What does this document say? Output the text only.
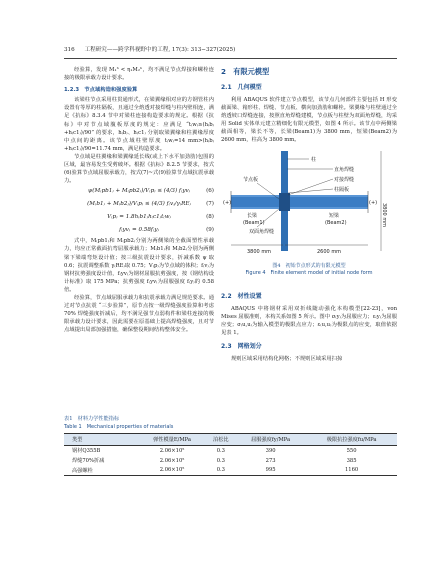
316 工程研究——跨学科视野中的工程, 17(3): 313−327(2025)

经验算，发现 M₁ʰ < η₁M₂ʰ，均不满足节点焊接和螺栓连接的极限承载力设计要求。

1.2.3　节点域构造和强度验算

该梁柱节点采用柱贯通形式，在梁翼缘相对应的方钢管柱内设置有等厚的柱隔板，且通过全熔透对接焊缝与柱内壁相连，满足《抗标》8.3.4 节中对梁柱连接构造要求的规定。根据《抗标》中对节点域腹板厚度的规定：应满足 “t₍w₎≥(h₍b₎+h₍c1₎)/90” 的要求，h₍b₎、h₍c1₎ 分别取梁翼缘和柱翼缘厚度中点间的距离。该节点域柱壁厚度 t₍w₎=14 mm>(h₍b₎+h₍c1₎)/90=11.74 mm，满足构造要求。

节点域是柱翼缘和梁翼缘延长线(或上下水平加劲肋)包围的区域，最容易发生受剪破坏。根据《抗标》8.2.5 节要求，按式(6)验算节点域屈服承载力，按式(7)~式(9)验算节点域抗震承载力。

ψ(M₍pb1₎ + M₍pb2₎)/V₍p₎ ≤ (4/3) f₍yv₎	(6)
(M₍b1₎ + M₍b2₎)/V₍p₎ ≤ (4/3) f₍v₎/γ₍RE₎	(7)
V₍p₎ = 1.8h₍b1₎h₍c1₎t₍w₎	(8)
f₍yv₎ = 0.58f₍y₎	(9)

式中，M₍pb1₎和 M₍pb2₎分别为两侧梁的全截面塑性承载力，均应正常截面抗弯屈服承载力；M₍b1₎和 M₍b2₎分别为两侧梁下梁端弯矩设计值；按三级抗震设计要求，折减系数 ψ 取 0.6；抗震调整系数 γ₍RE₎取 0.75；V₍p₎为节点域的体积；f₍v₎为钢材抗剪强度设计值，f₍yv₎为钢材屈服抗剪强度，按《钢结构设计标准》取 175 MPa；抗剪强度 f₍yv₎为屈服强度 f₍y₎的 0.58 倍。

经验算，节点域屈服承载力和抗震承载力满足规范要求。通过对节点抗震 “三步验算”，原节点按一级焊缝强度验算和考虑 70% 焊缝强度折减后，均不满足强节点弱构件和梁柱连接的极限承载力设计要求，因此需要在原基础上提高焊缝强度，且对节点域提出局部加强措施，确保整役期间结构整体安全。

2　有限元模型
2.1　几何模型

利用 ABAQUS 软件建立节点模型，该节点几何部件主要包括 H 形变截面梁、箱形柱、焊缝、节点板、横向加劲肋和螺栓。梁翼缘与柱壁通过全熔透坡口焊缝连接，按照直角焊缝建模，节点板与柱壁为双面角焊缝，均采用 Solid 实体单元建立精细化有限元模型，如图 4 所示。该节点中两侧梁截面相等，梁长不等，长梁(Beam1)为 3800 mm，短梁(Beam2)为 2600 mm，柱高为 3800 mm。

柱
直角焊缝
对接焊缝
柱隔板
节点板
长梁
(Beam1)
双面角焊缝
短梁
(Beam2)
3800 mm	2600 mm
3800 mm
(+)	(+)
图4　初始节点形式的有限元模型
Figure 4　Finite element model of initial node form
2.2　材性设置

ABAQUS 中将钢材采用双折线随动强化本构模型[22-23]，von Mises 屈服准则，本构关系如图 5 所示。图中 σ₍y₎为屈服应力；ε₍y₎为屈服应变；σ₍u,u₎为输入模型的极限点应力；ε₍u,u₎为极限点的应变，取值依据见表 1。

2.3　网格划分

规则区域采用结构化网格；不规则区域采用扫掠

表1　材料力学性能指标
Table 1　Mechanical properties of materials
类型	弹性模量E/MPa	泊松比	屈服强度fy/MPa	极限抗拉强度fu/MPa
钢材Q355B	2.06×10⁵	0.3	390	550
焊缝70%折减	2.06×10⁵	0.3	273	385
高强螺栓	2.06×10⁵	0.3	995	1160
